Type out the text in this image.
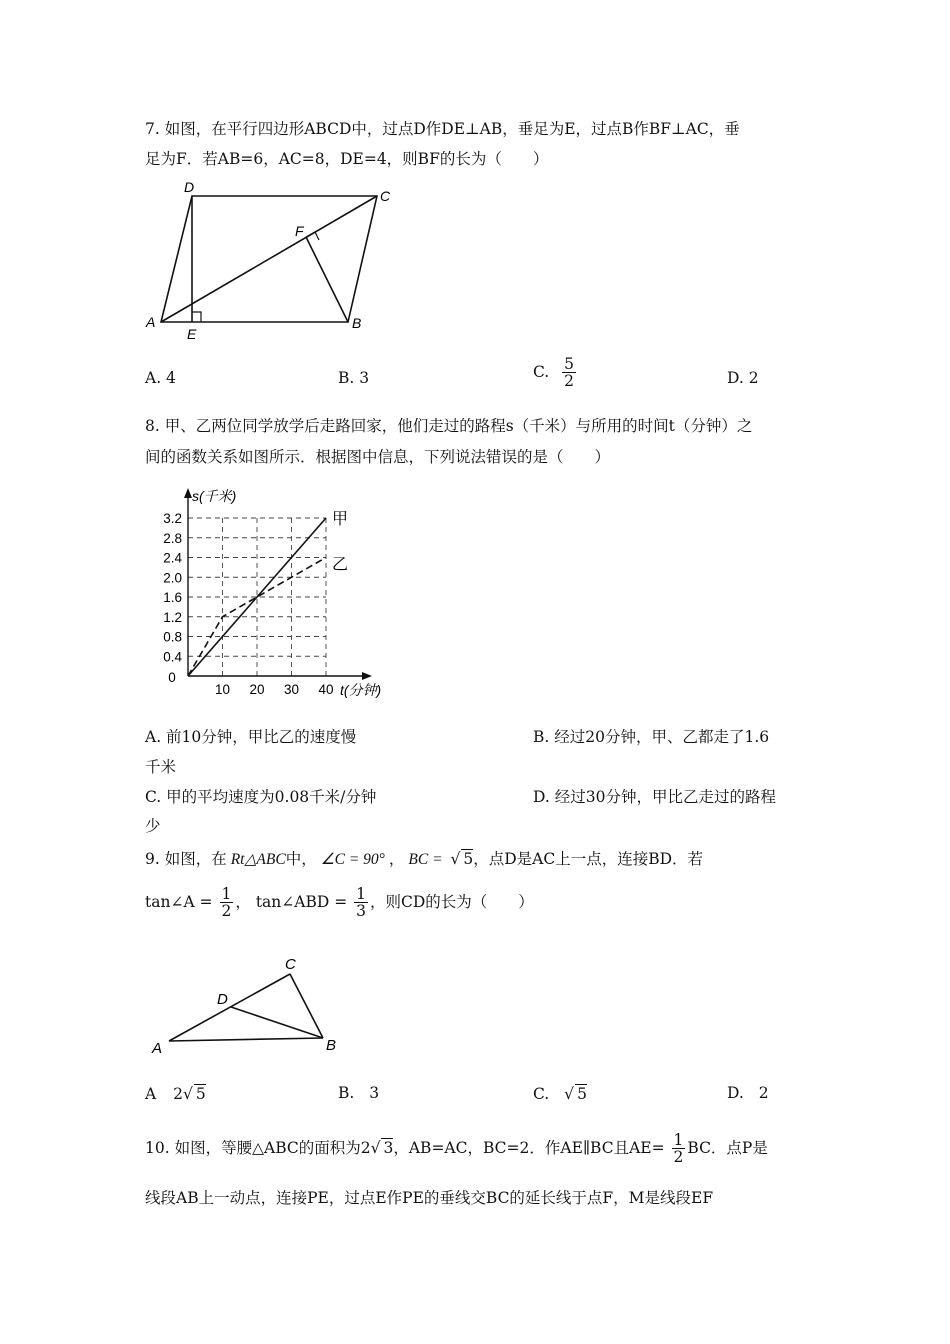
7. 如图，在平行四边形ABCD中，过点D作DE⊥AB，垂足为E，过点B作BF⊥AC，垂
足为F．若AB=6，AC=8，DE=4，则BF的长为（　　）
A	B
C
D
E
F
A. 4	B. 3	C. $\frac{5}{2}$	D. 2
8. 甲、乙两位同学放学后走路回家，他们走过的路程s（千米）与所用的时间t（分钟）之
间的函数关系如图所示．根据图中信息，下列说法错误的是（　　）
0.4
0.8
1.2
1.6
2.0
2.4
2.8
3.2
10 20 30 40
0
t(分钟)
s(千米)
甲
乙
A. 前10分钟，甲比乙的速度慢	B. 经过20分钟，甲、乙都走了1.6
千米
C. 甲的平均速度为0.08千米/分钟	D. 经过30分钟，甲比乙走过的路程
少
9. 如图，在 Rt△ABC中， ∠C = 90° ， BC = √ 5，点D是AC上一点，连接BD．若
tan∠A = $\frac{1}{2}$ ， tan∠ABD = $\frac{1}{3}$ ，则CD的长为（　　）
A	B
C
D
A 2√ 5	B. 3	C. √ 5	D. 2
10. 如图，等腰△ABC的面积为2√ 3，AB=AC，BC=2．作AE∥BC且$AE= \frac{1}{2}$ BC．点P是
线段AB上一动点，连接PE，过点E作PE的垂线交BC的延长线于点F，M是线段EF
